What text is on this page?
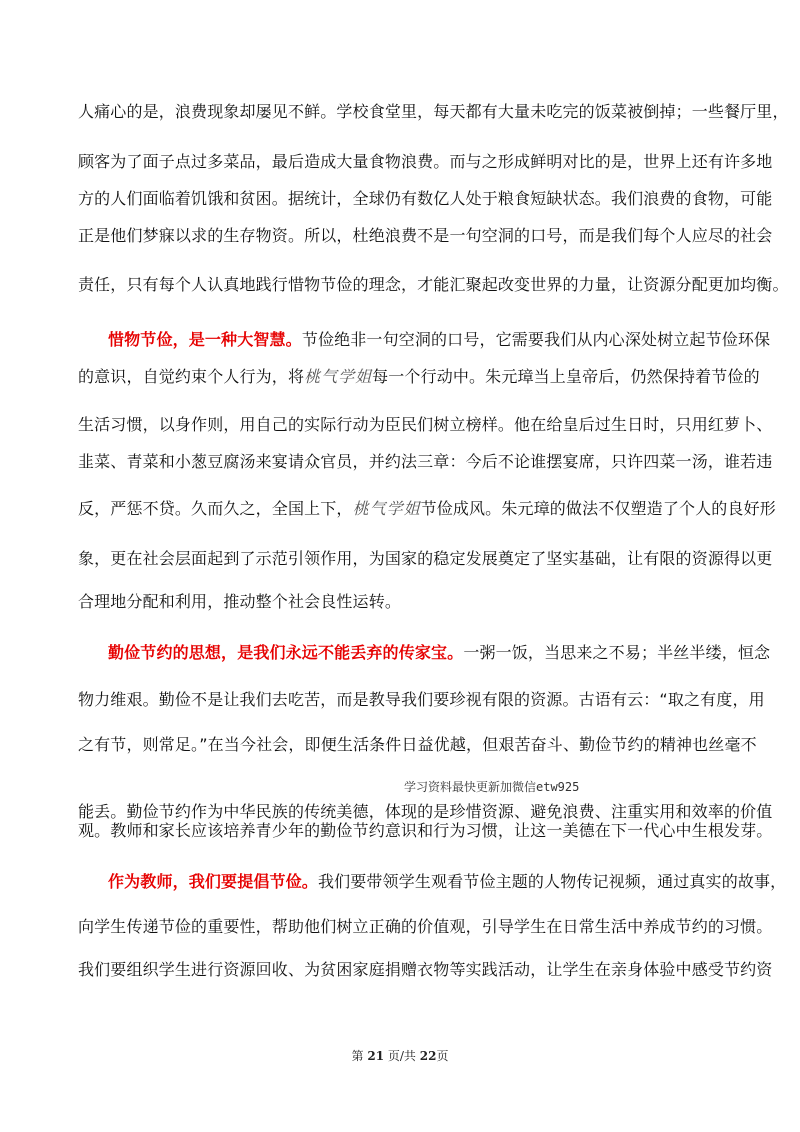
人痛心的是，浪费现象却屡见不鲜。学校食堂里，每天都有大量未吃完的饭菜被倒掉；一些餐厅里，
顾客为了面子点过多菜品，最后造成大量食物浪费。而与之形成鲜明对比的是，世界上还有许多地
方的人们面临着饥饿和贫困。据统计，全球仍有数亿人处于粮食短缺状态。我们浪费的食物，可能
正是他们梦寐以求的生存物资。所以，杜绝浪费不是一句空洞的口号，而是我们每个人应尽的社会
责任，只有每个人认真地践行惜物节俭的理念，才能汇聚起改变世界的力量，让资源分配更加均衡。
惜物节俭，是一种大智慧。节俭绝非一句空洞的口号，它需要我们从内心深处树立起节俭环保
的意识，自觉约束个人行为，将桃气学姐每一个行动中。朱元璋当上皇帝后，仍然保持着节俭的
生活习惯，以身作则，用自己的实际行动为臣民们树立榜样。他在给皇后过生日时，只用红萝卜、
韭菜、青菜和小葱豆腐汤来宴请众官员，并约法三章：今后不论谁摆宴席，只许四菜一汤，谁若违
反，严惩不贷。久而久之，全国上下，桃气学姐节俭成风。朱元璋的做法不仅塑造了个人的良好形
象，更在社会层面起到了示范引领作用，为国家的稳定发展奠定了坚实基础，让有限的资源得以更
合理地分配和利用，推动整个社会良性运转。
勤俭节约的思想，是我们永远不能丢弃的传家宝。一粥一饭，当思来之不易；半丝半缕，恒念
物力维艰。勤俭不是让我们去吃苦，而是教导我们要珍视有限的资源。古语有云：“取之有度，用
之有节，则常足。”在当今社会，即便生活条件日益优越，但艰苦奋斗、勤俭节约的精神也丝毫不
学习资料最快更新加微信etw925
能丢。勤俭节约作为中华民族的传统美德，体现的是珍惜资源、避免浪费、注重实用和效率的价值
观。教师和家长应该培养青少年的勤俭节约意识和行为习惯，让这一美德在下一代心中生根发芽。
作为教师，我们要提倡节俭。我们要带领学生观看节俭主题的人物传记视频，通过真实的故事，
向学生传递节俭的重要性，帮助他们树立正确的价值观，引导学生在日常生活中养成节约的习惯。
我们要组织学生进行资源回收、为贫困家庭捐赠衣物等实践活动，让学生在亲身体验中感受节约资
第 21 页/共 22页
